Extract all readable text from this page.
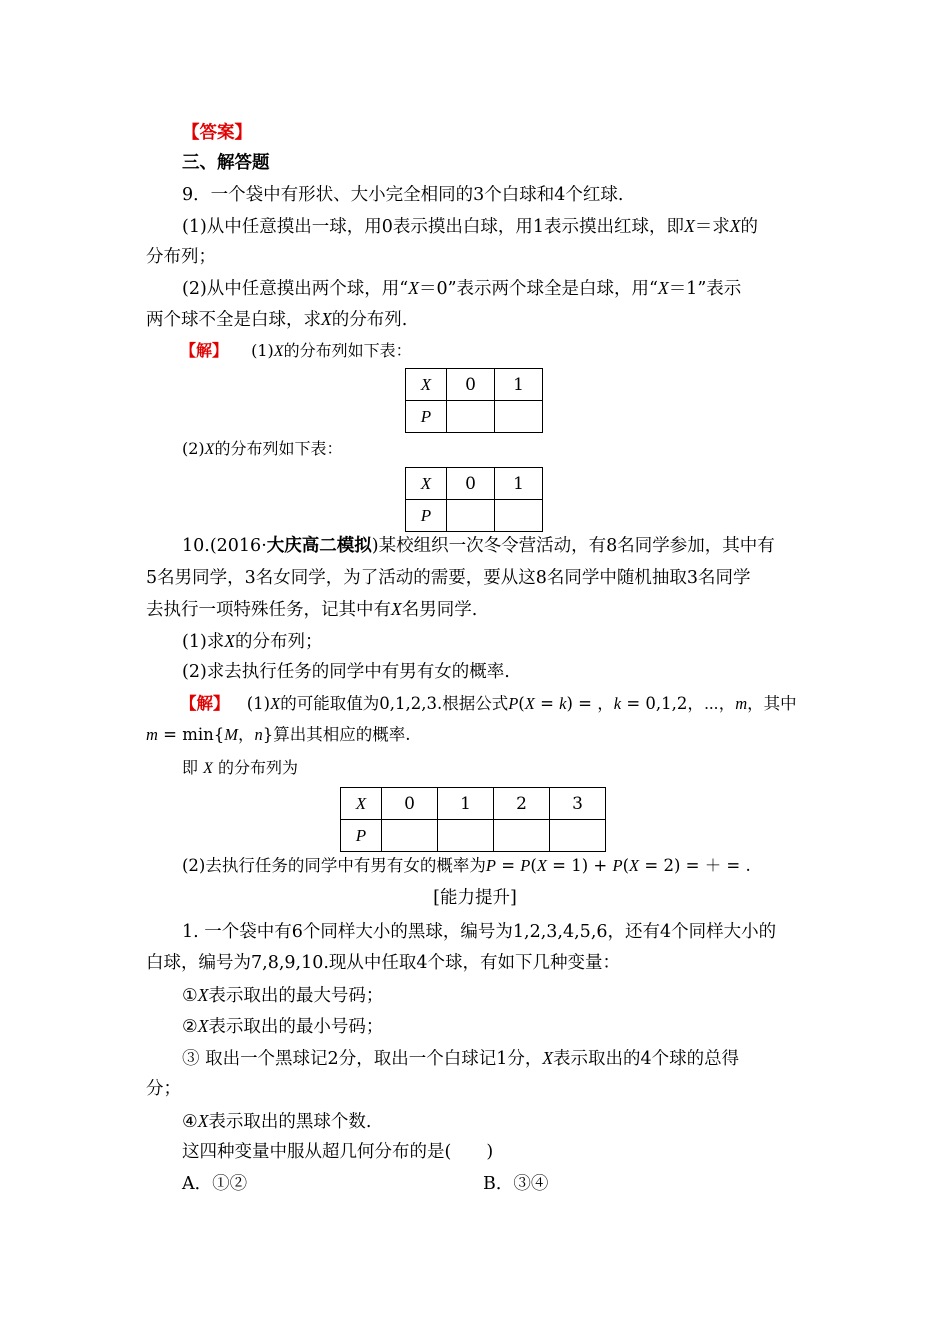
【答案】
三、解答题
9．一个袋中有形状、大小完全相同的3个白球和4个红球.
(1)从中任意摸出一球，用0表示摸出白球，用1表示摸出红球，即X＝求X的
分布列；
(2)从中任意摸出两个球，用“X＝0”表示两个球全是白球，用“X＝1”表示
两个球不全是白球，求X的分布列.
【解】 (1)X的分布列如下表：
X	0	1
P		
(2)X的分布列如下表：
X	0	1
P		
10.(2016·大庆高二模拟)某校组织一次冬令营活动，有8名同学参加，其中有
5名男同学，3名女同学，为了活动的需要，要从这8名同学中随机抽取3名同学
去执行一项特殊任务，记其中有X名男同学.
(1)求X的分布列；
(2)求去执行任务的同学中有男有女的概率.
【解】 (1)X的可能取值为0,1,2,3.根据公式P(X = k) = ，k = 0,1,2，⋯，m，其中
m = min{M，n}算出其相应的概率.
即 X 的分布列为
X	0	1	2	3
P				
(2)去执行任务的同学中有男有女的概率为P = P(X = 1) + P(X = 2) = ＋ = .
[能力提升]
1. 一个袋中有6个同样大小的黑球，编号为1,2,3,4,5,6，还有4个同样大小的
白球，编号为7,8,9,10.现从中任取4个球，有如下几种变量：
①X表示取出的最大号码；
②X表示取出的最小号码；
③ 取出一个黑球记2分，取出一个白球记1分，X表示取出的4个球的总得
分；
④X表示取出的黑球个数.
这四种变量中服从超几何分布的是(　　)
A．①②	B．③④
